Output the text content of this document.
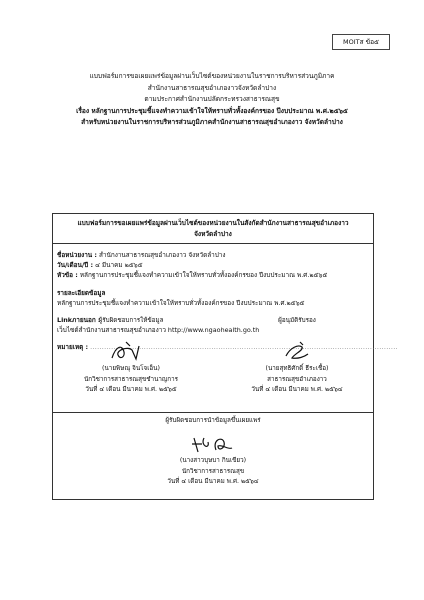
MOITส ข้อ๕
แบบฟอร์มการขอเผยแพร่ข้อมูลผ่านเว็บไซต์ของหน่วยงานในราชการบริหารส่วนภูมิภาค
สำนักงานสาธารณสุขอำเภองาวจังหวัดลำปาง
ตามประกาศสำนักงานปลัดกระทรวงสาธารณสุข
เรื่อง หลักฐานการประชุมชี้แจงทำความเข้าใจให้ทราบทั่วทั้งองค์กรของ ปีงบประมาณ พ.ศ.๒๕๖๕
สำหรับหน่วยงานในราชการบริหารส่วนภูมิภาคสำนักงานสาธารณสุขอำเภองาว จังหวัดลำปาง
แบบฟอร์มการขอเผยแพร่ข้อมูลผ่านเว็บไซต์ของหน่วยงานในสังกัดสำนักงานสาธารณสุขอำเภองาว
จังหวัดลำปาง
ชื่อหน่วยงาน : สำนักงานสาธารณสุขอำเภองาว จังหวัดลำปาง
วัน/เดือน/ปี : ๔ มีนาคม ๒๕๖๕
หัวข้อ : หลักฐานการประชุมชี้แจงทำความเข้าใจให้ทราบทั่วทั้งองค์กรของ ปีงบประมาณ พ.ศ.๒๕๖๕
รายละเอียดข้อมูล
หลักฐานการประชุมชี้แจงทำความเข้าใจให้ทราบทั่วทั้งองค์กรของ ปีงบประมาณ พ.ศ.๒๕๖๕
Linkภายนอก :
เว็บไซต์สำนักงานสาธารณสุขอำเภองาว http://www.ngaohealth.go.th
หมายเหตุ : ....................................................................................................................................
ผู้รับผิดชอบการให้ข้อมูล
(นายพิษณุ จินโจเอ็น)
นักวิชาการสาธารณสุขชำนาญการ
วันที่ ๔ เดือน มีนาคม พ.ศ. ๒๕๖๕
ผู้อนุมัติรับรอง
(นายสุทธิศักดิ์ ธีระเชื้อ)
สาธารณสุขอำเภองาว
วันที่ ๔ เดือน มีนาคม พ.ศ. ๒๕๖๔
ผู้รับผิดชอบการนำข้อมูลขึ้นเผยแพร่
(นางสาวบุษบา กินเขียว)
นักวิชาการสาธารณสุข
วันที่ ๔ เดือน มีนาคม พ.ศ. ๒๕๖๔
